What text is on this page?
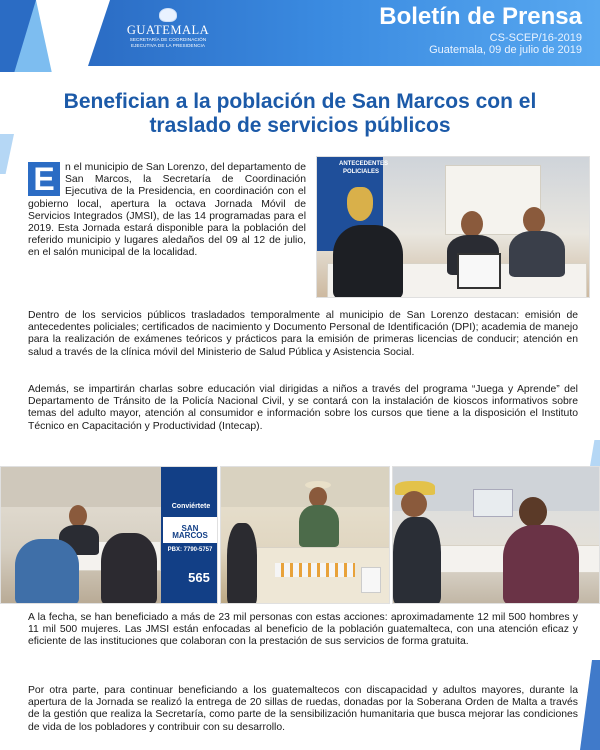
GUATEMALA
SECRETARÍA DE COORDINACIÓN
EJECUTIVA DE LA PRESIDENCIA
Boletín de Prensa
CS-SCEP/16-2019
Guatemala, 09 de julio de 2019
Benefician a la población de San Marcos con el traslado de servicios públicos
E n el municipio de San Lorenzo, del departamento de San Marcos, la Secretaría de Coordinación Ejecutiva de la Presidencia, en coordinación con el gobierno local, apertura la octava Jornada Móvil de Servicios Integrados (JMSI), de las 14 programadas para el 2019. Esta Jornada estará disponible para la población del referido municipio y lugares aledaños del 09 al 12 de julio, en el salón municipal de la localidad.
ANTECEDENTES
POLICIALES

Dentro de los servicios públicos trasladados temporalmente al municipio de San Lorenzo destacan: emisión de antecedentes policiales; certificados de nacimiento y Documento Personal de Identificación (DPI); academia de manejo para la realización de exámenes teóricos y prácticos para la emisión de primeras licencias de conducir; atención en salud a través de la clínica móvil del Ministerio de Salud Pública y Asistencia Social.

Además, se impartirán charlas sobre educación vial dirigidas a niños a través del programa “Juega y Aprende” del Departamento de Tránsito de la Policía Nacional Civil, y se contará con la instalación de kioscos informativos sobre temas del adulto mayor, atención al consumidor e información sobre los cursos que tiene a la disposición el Instituto Técnico en Capacitación y Productividad (Intecap).

Conviértete
SAN MARCOS
PBX: 7790-5757
565

A la fecha, se han beneficiado a más de 23 mil personas con estas acciones: aproximadamente 12 mil 500 hombres y 11 mil 500 mujeres. Las JMSI están enfocadas al beneficio de la población guatemalteca, con una atención eficaz y eficiente de las instituciones que colaboran con la prestación de sus servicios de forma gratuita.

Por otra parte, para continuar beneficiando a los guatemaltecos con discapacidad y adultos mayores, durante la apertura de la Jornada se realizó la entrega de 20 sillas de ruedas, donadas por la Soberana Orden de Malta a través de la gestión que realiza la Secretaría, como parte de la sensibilización humanitaria que busca mejorar las condiciones de vida de los pobladores y contribuir con su desarrollo.
